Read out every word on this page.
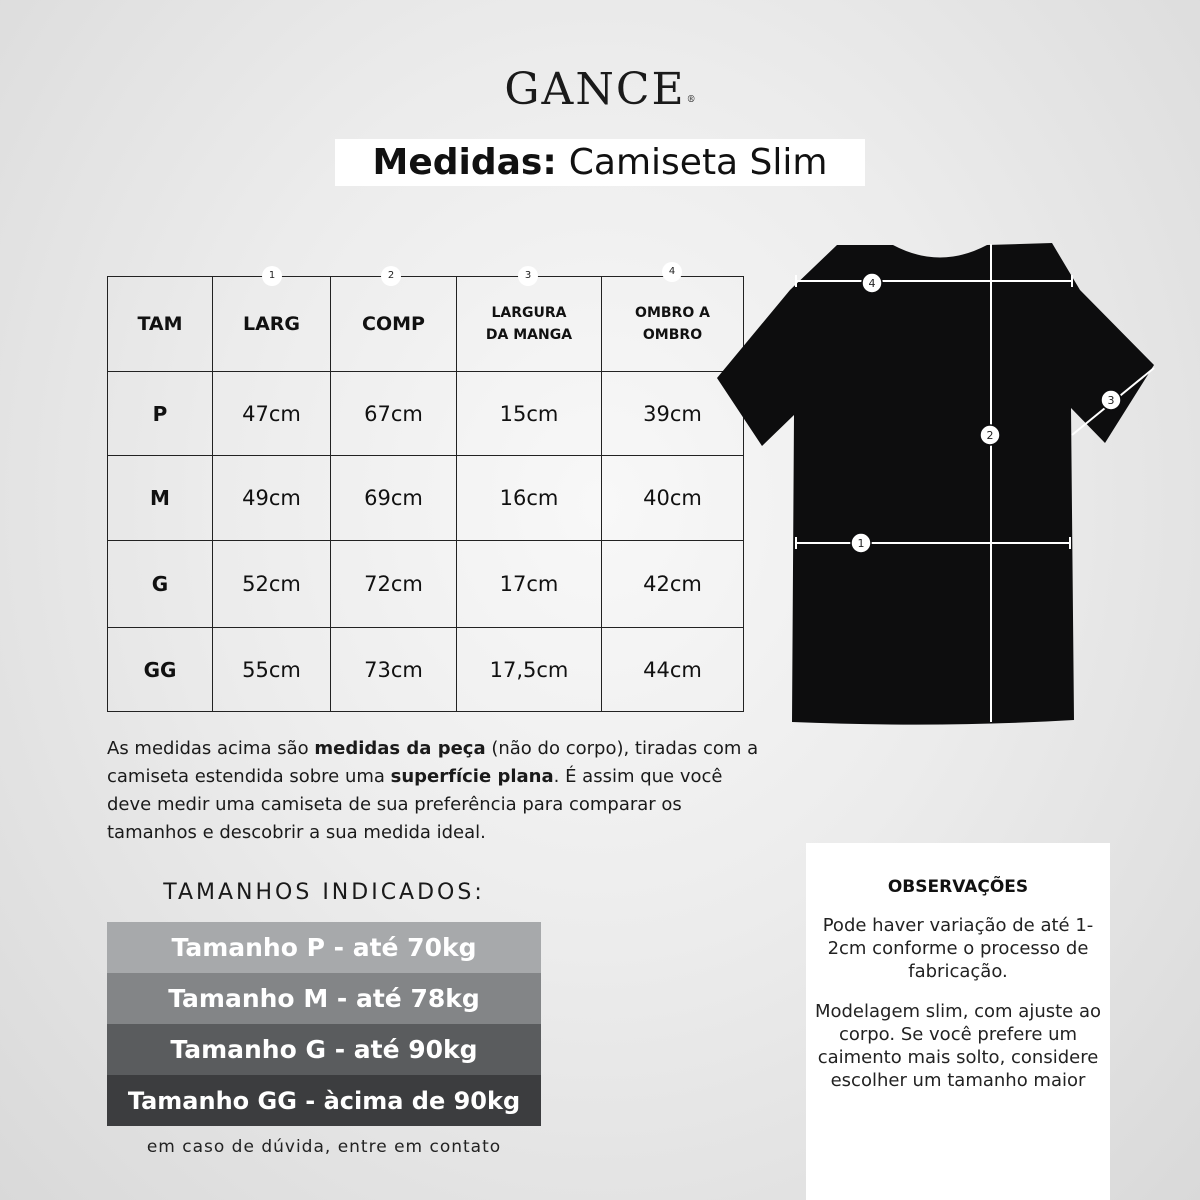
GANCE®
Medidas: Camiseta Slim
TAM	LARG	COMP	LARGURA DA MANGA	OMBRO A OMBRO

P	47cm	67cm	15cm	39cm
M	49cm	69cm	16cm	40cm
G	52cm	72cm	17cm	42cm
GG	55cm	73cm	17,5cm	44cm
1	2	3	4

As medidas acima são medidas da peça (não do corpo), tiradas com a camiseta estendida sobre uma superfície plana. É assim que você deve medir uma camiseta de sua preferência para comparar os tamanhos e descobrir a sua medida ideal.

TAMANHOS INDICADOS:
Tamanho P - até 70kg
Tamanho M - até 78kg
Tamanho G - até 90kg
Tamanho GG - àcima de 90kg
em caso de dúvida, entre em contato
OBSERVAÇÕES

Pode haver variação de até 1-2cm conforme o processo de fabricação.

Modelagem slim, com ajuste ao corpo. Se você prefere um caimento mais solto, considere escolher um tamanho maior

4
2
3
1
